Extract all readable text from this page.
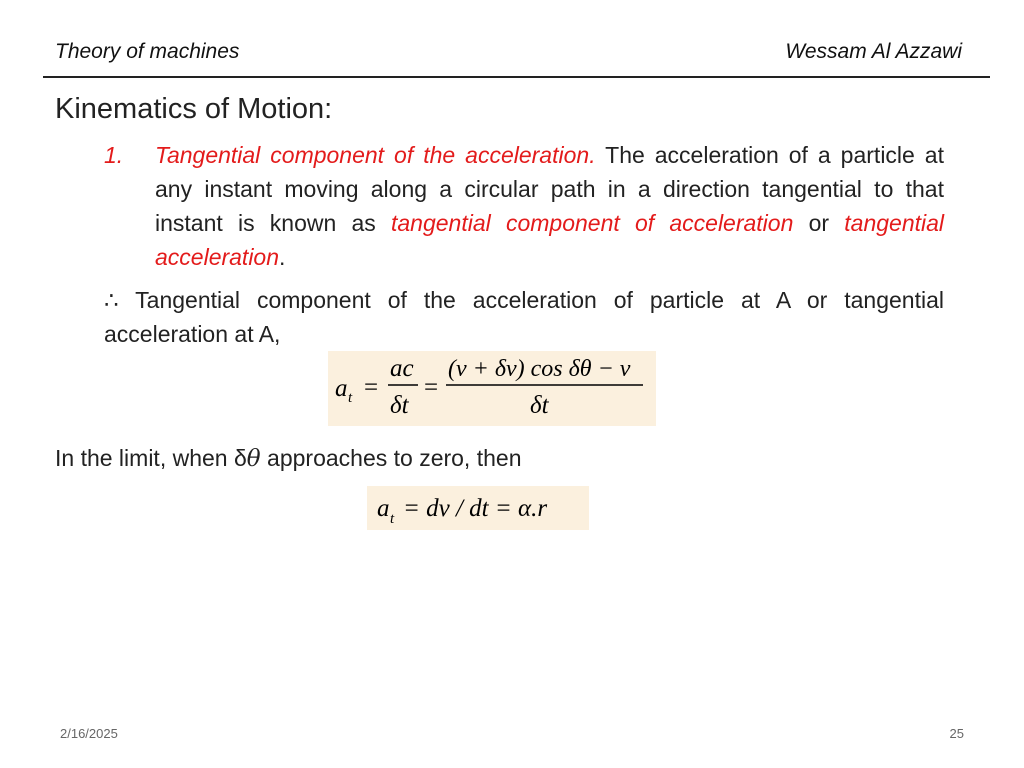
Theory of machines	Wessam Al Azzawi
Kinematics of Motion:
1. Tangential component of the acceleration. The acceleration of a particle at any instant moving along a circular path in a direction tangential to that instant is known as tangential component of acceleration or tangential acceleration.
∴ Tangential component of the acceleration of particle at A or tangential acceleration at A,
a t =
ac
δt
=
(v + δv) cos δθ − v
δt
In the limit, when δθ approaches to zero, then
a t = dv / dt = α.r
2/16/2025	25
